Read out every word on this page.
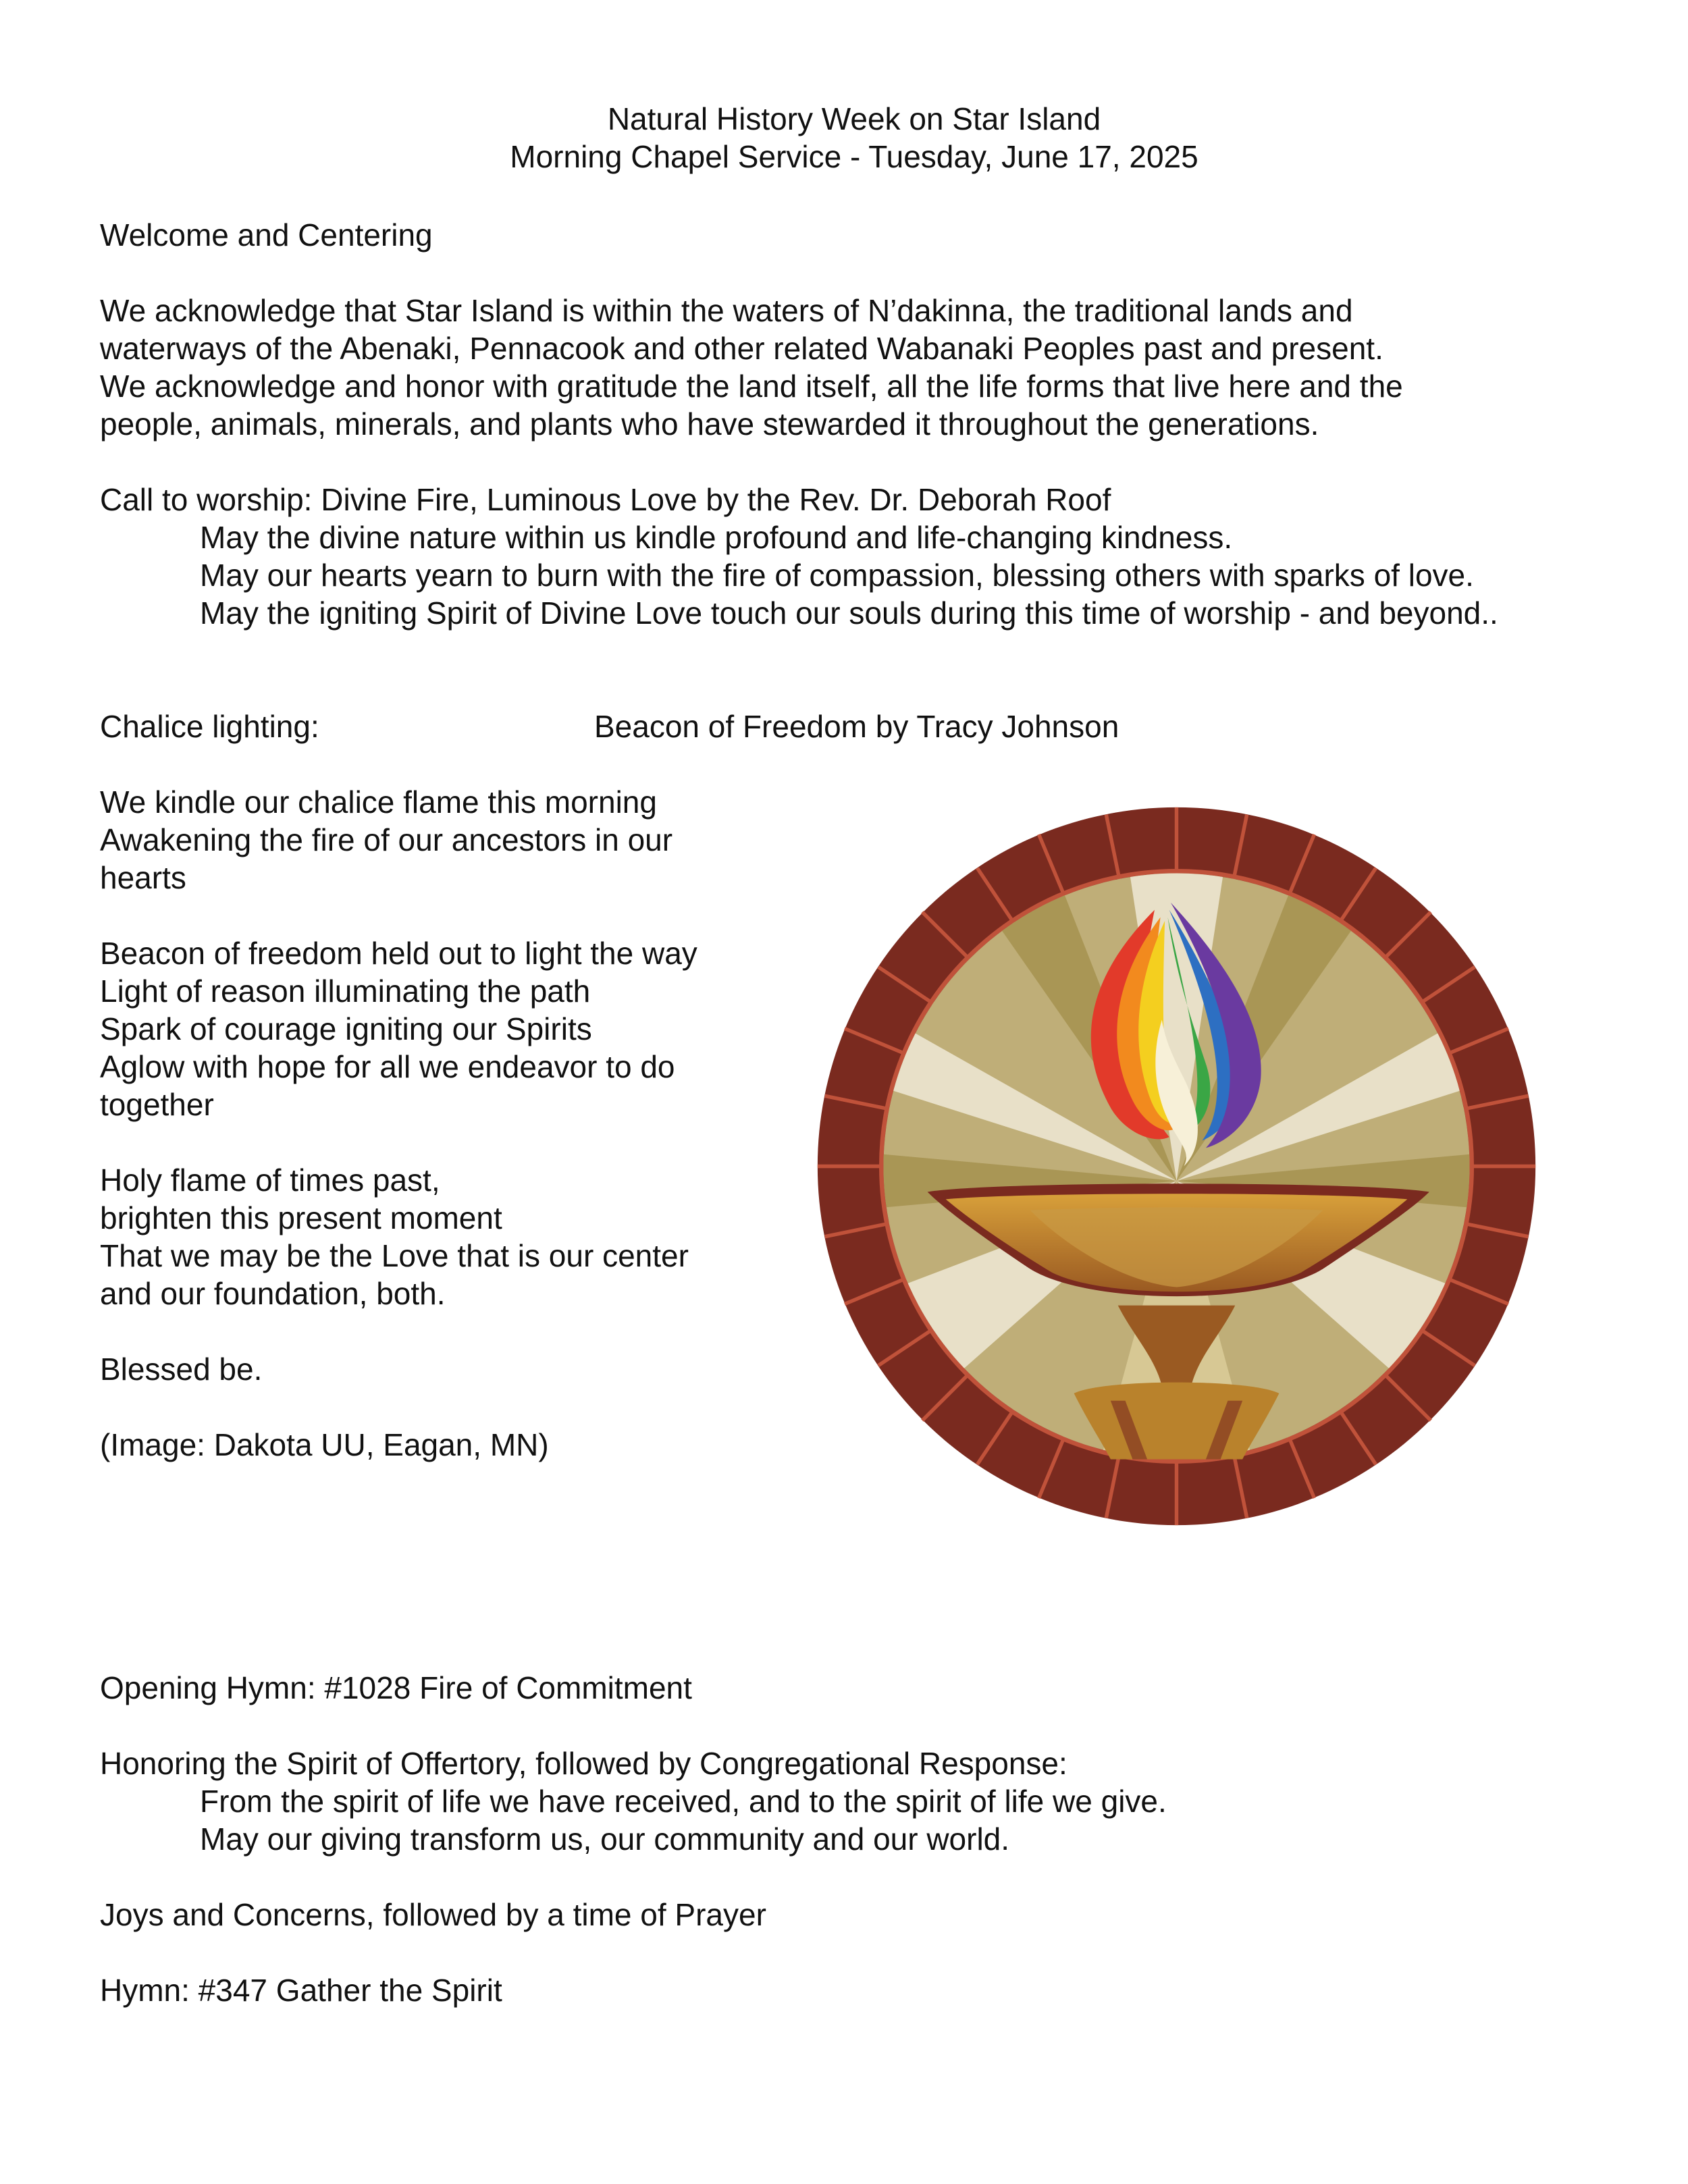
Natural History Week on Star Island

Morning Chapel Service - Tuesday, June 17, 2025

Welcome and Centering

We acknowledge that Star Island is within the waters of N’dakinna, the traditional lands and

waterways of the Abenaki, Pennacook and other related Wabanaki Peoples past and present.

We acknowledge and honor with gratitude the land itself, all the life forms that live here and the

people, animals, minerals, and plants who have stewarded it throughout the generations.

Call to worship: Divine Fire, Luminous Love by the Rev. Dr. Deborah Roof

May the divine nature within us kindle profound and life-changing kindness.

May our hearts yearn to burn with the fire of compassion, blessing others with sparks of love.

May the igniting Spirit of Divine Love touch our souls during this time of worship - and beyond..

Chalice lighting:	Beacon of Freedom by Tracy Johnson

We kindle our chalice flame this morning

Awakening the fire of our ancestors in our

hearts

Beacon of freedom held out to light the way

Light of reason illuminating the path

Spark of courage igniting our Spirits

Aglow with hope for all we endeavor to do

together

Holy flame of times past,

brighten this present moment

That we may be the Love that is our center

and our foundation, both.

Blessed be.

(Image: Dakota UU, Eagan, MN)

Opening Hymn: #1028 Fire of Commitment

Honoring the Spirit of Offertory, followed by Congregational Response:

From the spirit of life we have received, and to the spirit of life we give.

May our giving transform us, our community and our world.

Joys and Concerns, followed by a time of Prayer

Hymn: #347 Gather the Spirit
